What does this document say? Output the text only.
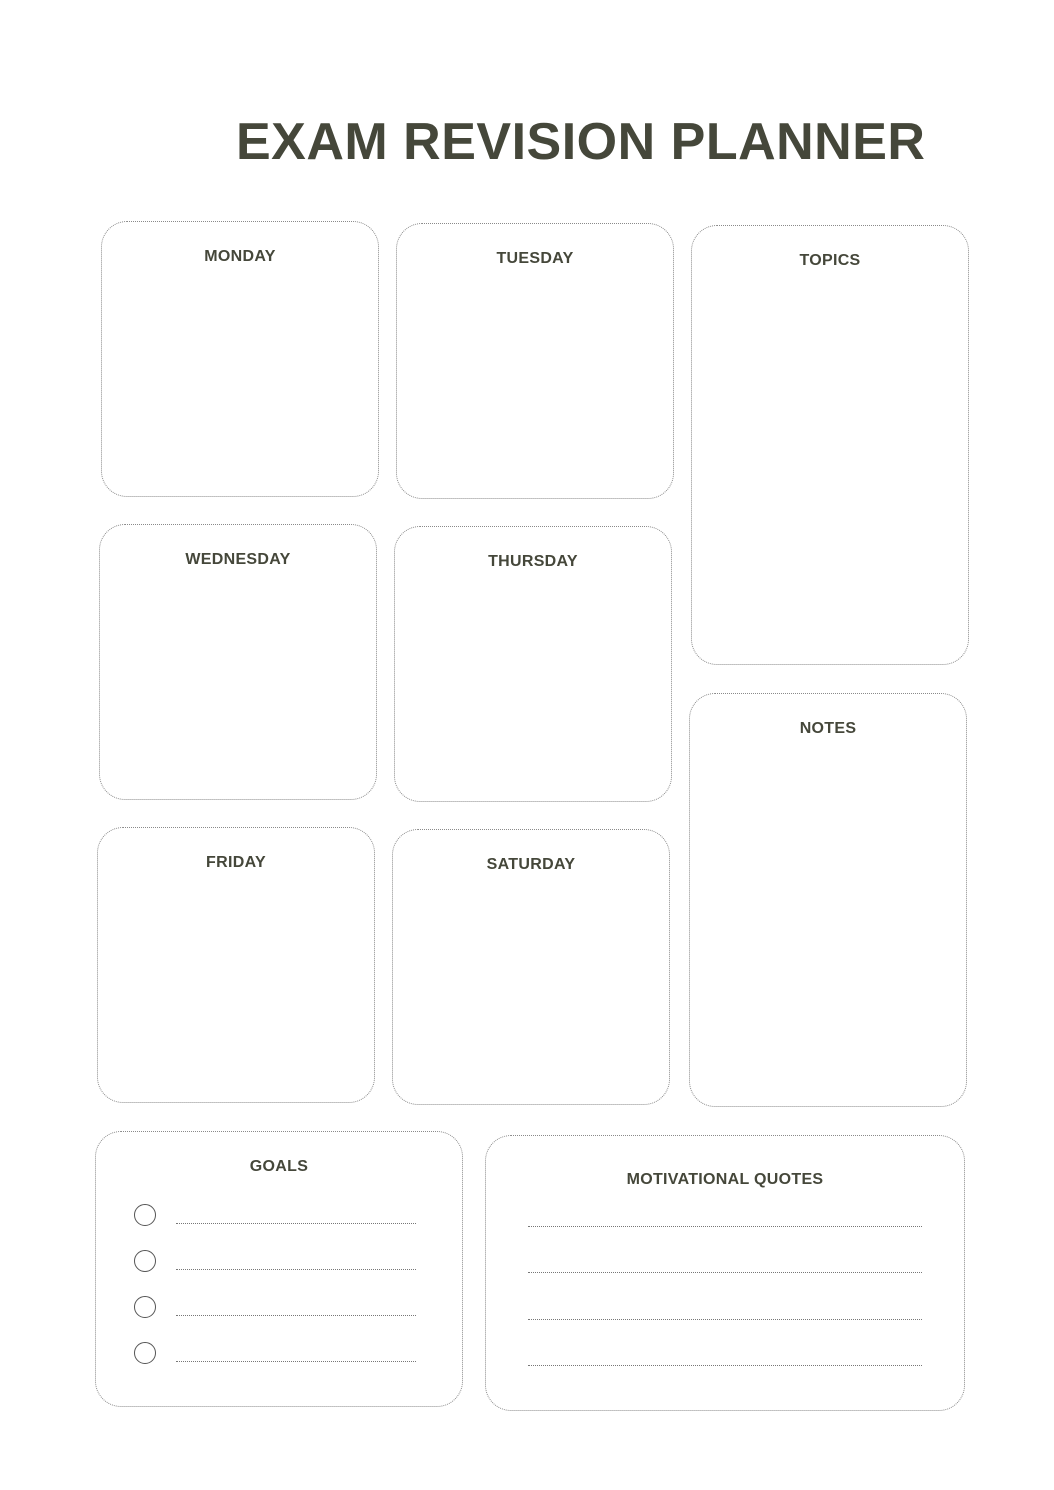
EXAM REVISION PLANNER
MONDAY	TUESDAY	TOPICS
WEDNESDAY	THURSDAY
NOTES
FRIDAY	SATURDAY
GOALS
MOTIVATIONAL QUOTES
